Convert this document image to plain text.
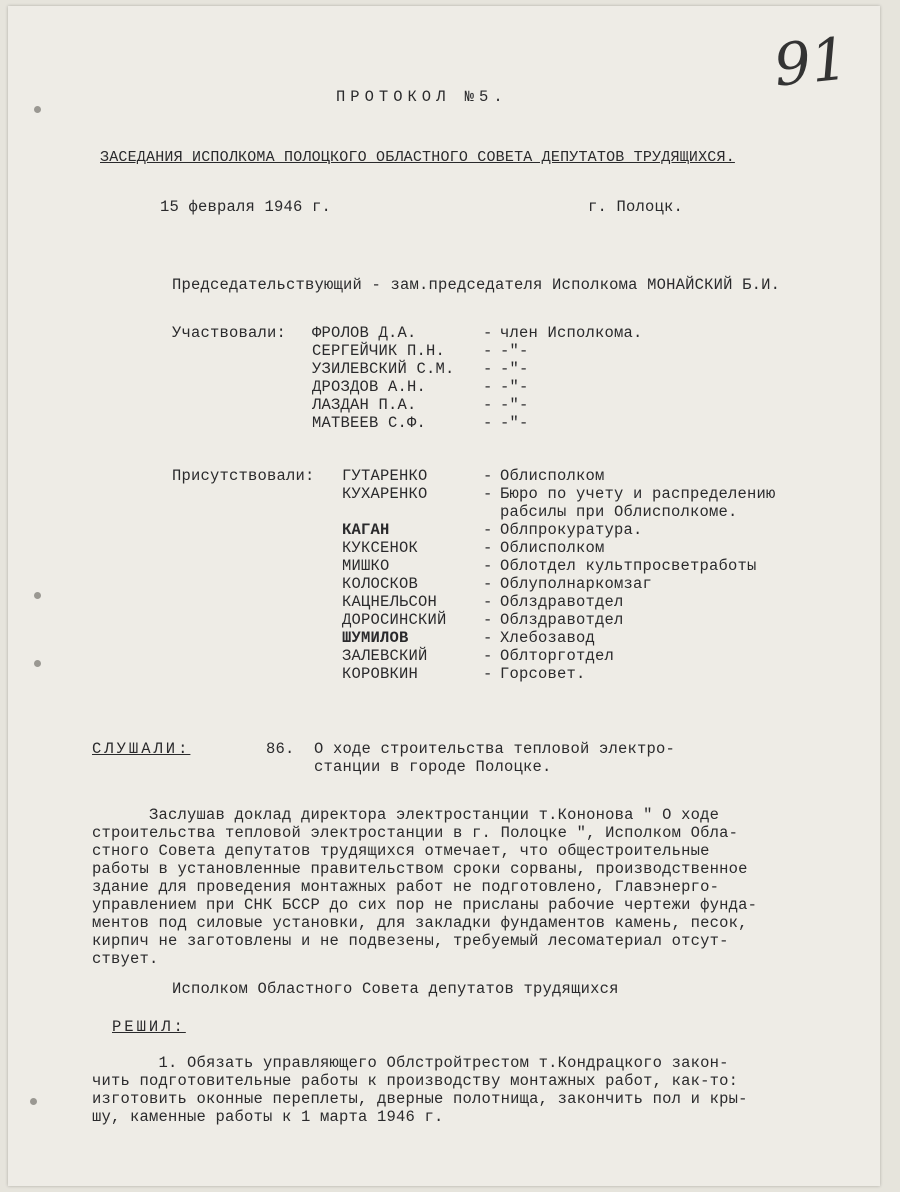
91
ПРОТОКОЛ №5.
ЗАСЕДАНИЯ ИСПОЛКОМА ПОЛОЦКОГО ОБЛАСТНОГО СОВЕТА ДЕПУТАТОВ ТРУДЯЩИХСЯ.
15 февраля 1946 г.	г. Полоцк.
Председательствующий - зам.председателя Исполкома МОНАЙСКИЙ Б.И.
Участвовали: ФРОЛОВ Д.А.	- член Исполкома.
СЕРГЕЙЧИК П.Н. - -"-
УЗИЛЕВСКИЙ С.М. - -"-
ДРОЗДОВ А.Н.	- -"-
ЛАЗДАН П.А.	- -"-
МАТВЕЕВ С.Ф.	- -"-
Присутствовали: ГУТАРЕНКО	- Облисполком
КУХАРЕНКО	- Бюро по учету и распределению
рабсилы при Облисполкоме.
КАГАН	- Облпрокуратура.
КУКСЕНОК	- Облисполком
МИШКО	- Облотдел культпросветработы
КОЛОСКОВ	- Облуполнаркомзаг
КАЦНЕЛЬСОН	- Облздравотдел
ДОРОСИНСКИЙ - Облздравотдел
ШУМИЛОВ	- Хлебозавод
ЗАЛЕВСКИЙ	- Облторготдел
КОРОВКИН	- Горсовет.
СЛУШАЛИ:	86. О ходе строительства тепловой электро-
станции в городе Полоцке.
Заслушав доклад директора электростанции т.Кононова " О ходе
строительства тепловой электростанции в г. Полоцке ", Исполком Обла-
стного Совета депутатов трудящихся отмечает, что общестроительные
работы в установленные правительством сроки сорваны, производственное
здание для проведения монтажных работ не подготовлено, Главэнерго-
управлением при СНК БССР до сих пор не присланы рабочие чертежи фунда-
ментов под силовые установки, для закладки фундаментов камень, песок,
кирпич не заготовлены и не подвезены, требуемый лесоматериал отсут-
ствует.
Исполком Областного Совета депутатов трудящихся
РЕШИЛ:
1. Обязать управляющего Облстройтрестом т.Кондрацкого закон-
чить подготовительные работы к производству монтажных работ, как-то:
изготовить оконные переплеты, дверные полотнища, закончить пол и кры-
шу, каменные работы к 1 марта 1946 г.
